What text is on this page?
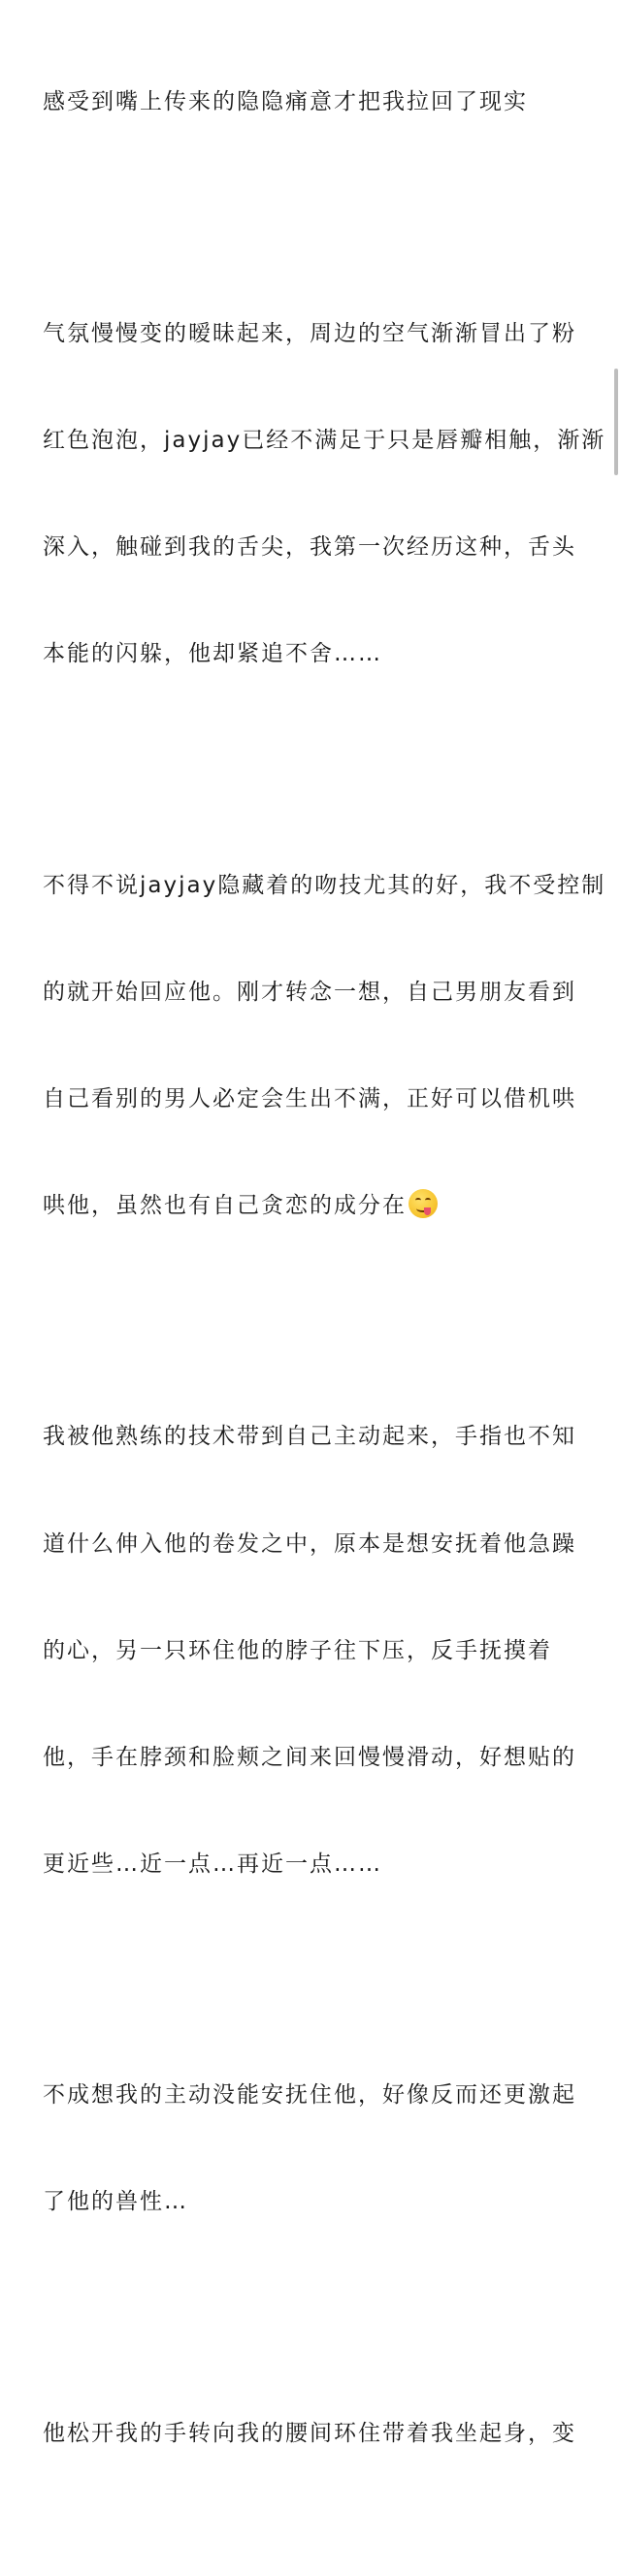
感受到嘴上传来的隐隐痛意才把我拉回了现实

气氛慢慢变的暧昧起来，周边的空气渐渐冒出了粉

红色泡泡，jayjay已经不满足于只是唇瓣相触，渐渐

深入，触碰到我的舌尖，我第一次经历这种，舌头

本能的闪躲，他却紧追不舍……

不得不说jayjay隐藏着的吻技尤其的好，我不受控制

的就开始回应他。刚才转念一想，自己男朋友看到

自己看别的男人必定会生出不满，正好可以借机哄

哄他，虽然也有自己贪恋的成分在

我被他熟练的技术带到自己主动起来，手指也不知

道什么伸入他的卷发之中，原本是想安抚着他急躁

的心，另一只环住他的脖子往下压，反手抚摸着

他，手在脖颈和脸颊之间来回慢慢滑动，好想贴的

更近些…近一点…再近一点……

不成想我的主动没能安抚住他，好像反而还更激起

了他的兽性…

他松开我的手转向我的腰间环住带着我坐起身，变
